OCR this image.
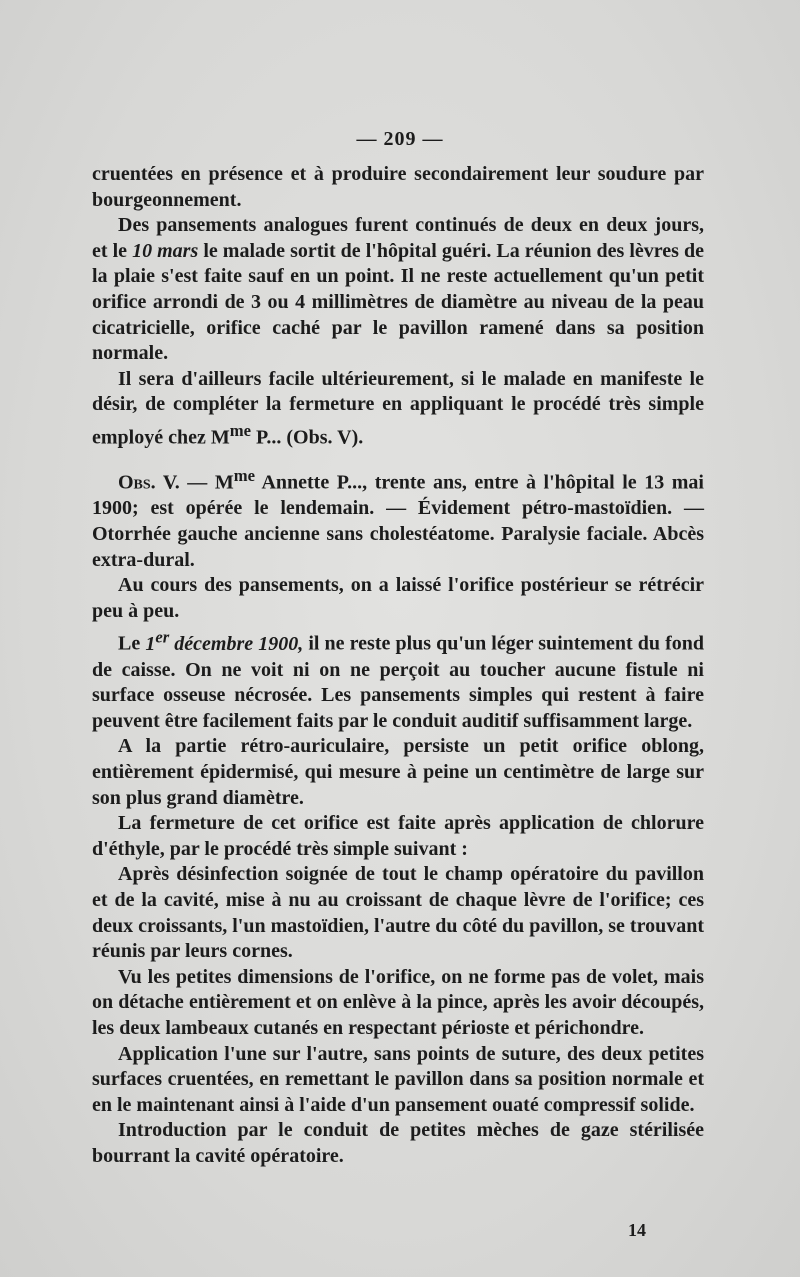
— 209 —

cruentées en présence et à produire secondairement leur soudure par bourgeonnement.

Des pansements analogues furent continués de deux en deux jours, et le 10 mars le malade sortit de l'hôpital guéri. La réunion des lèvres de la plaie s'est faite sauf en un point. Il ne reste actuellement qu'un petit orifice arrondi de 3 ou 4 millimètres de diamètre au niveau de la peau cicatricielle, orifice caché par le pavillon ramené dans sa position normale.

Il sera d'ailleurs facile ultérieurement, si le malade en manifeste le désir, de compléter la fermeture en appliquant le procédé très simple employé chez $M^{me}$ P... (Obs. V).

Obs. V. — $M^{me}$ Annette P..., trente ans, entre à l'hôpital le 13 mai 1900; est opérée le lendemain. — Évidement pétro-mastoïdien. — Otorrhée gauche ancienne sans cholestéatome. Paralysie faciale. Abcès extra-dural.

Au cours des pansements, on a laissé l'orifice postérieur se rétrécir peu à peu.

Le 1er décembre 1900, il ne reste plus qu'un léger suintement du fond de caisse. On ne voit ni on ne perçoit au toucher aucune fistule ni surface osseuse nécrosée. Les pansements simples qui restent à faire peuvent être facilement faits par le conduit auditif suffisamment large.

A la partie rétro-auriculaire, persiste un petit orifice oblong, entièrement épidermisé, qui mesure à peine un centimètre de large sur son plus grand diamètre.

La fermeture de cet orifice est faite après application de chlorure d'éthyle, par le procédé très simple suivant :

Après désinfection soignée de tout le champ opératoire du pavillon et de la cavité, mise à nu au croissant de chaque lèvre de l'orifice; ces deux croissants, l'un mastoïdien, l'autre du côté du pavillon, se trouvant réunis par leurs cornes.

Vu les petites dimensions de l'orifice, on ne forme pas de volet, mais on détache entièrement et on enlève à la pince, après les avoir découpés, les deux lambeaux cutanés en respectant périoste et périchondre.

Application l'une sur l'autre, sans points de suture, des deux petites surfaces cruentées, en remettant le pavillon dans sa position normale et en le maintenant ainsi à l'aide d'un pansement ouaté compressif solide.

Introduction par le conduit de petites mèches de gaze stérilisée bourrant la cavité opératoire.

14
